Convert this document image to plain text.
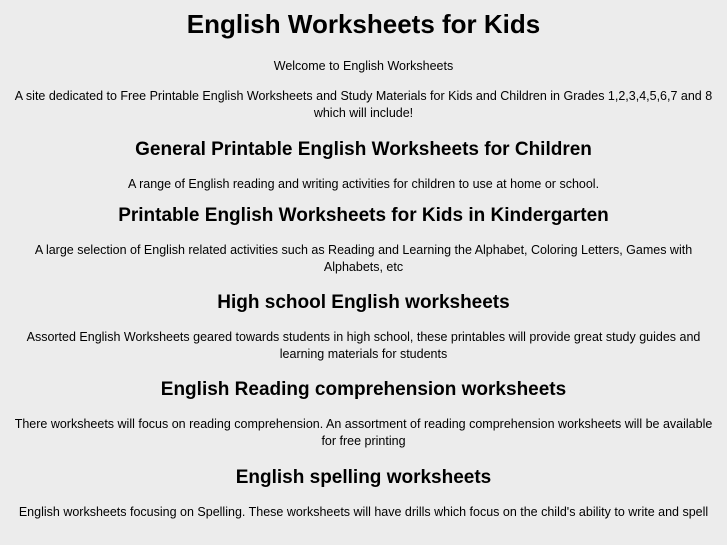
English Worksheets for Kids

Welcome to English Worksheets

A site dedicated to Free Printable English Worksheets and Study Materials for Kids and Children in Grades 1,2,3,4,5,6,7 and 8 which will include!

General Printable English Worksheets for Children

A range of English reading and writing activities for children to use at home or school.

Printable English Worksheets for Kids in Kindergarten

A large selection of English related activities such as Reading and Learning the Alphabet, Coloring Letters, Games with Alphabets, etc

High school English worksheets

Assorted English Worksheets geared towards students in high school, these printables will provide great study guides and learning materials for students

English Reading comprehension worksheets

There worksheets will focus on reading comprehension. An assortment of reading comprehension worksheets will be available for free printing

English spelling worksheets

English worksheets focusing on Spelling. These worksheets will have drills which focus on the child's ability to write and spell
